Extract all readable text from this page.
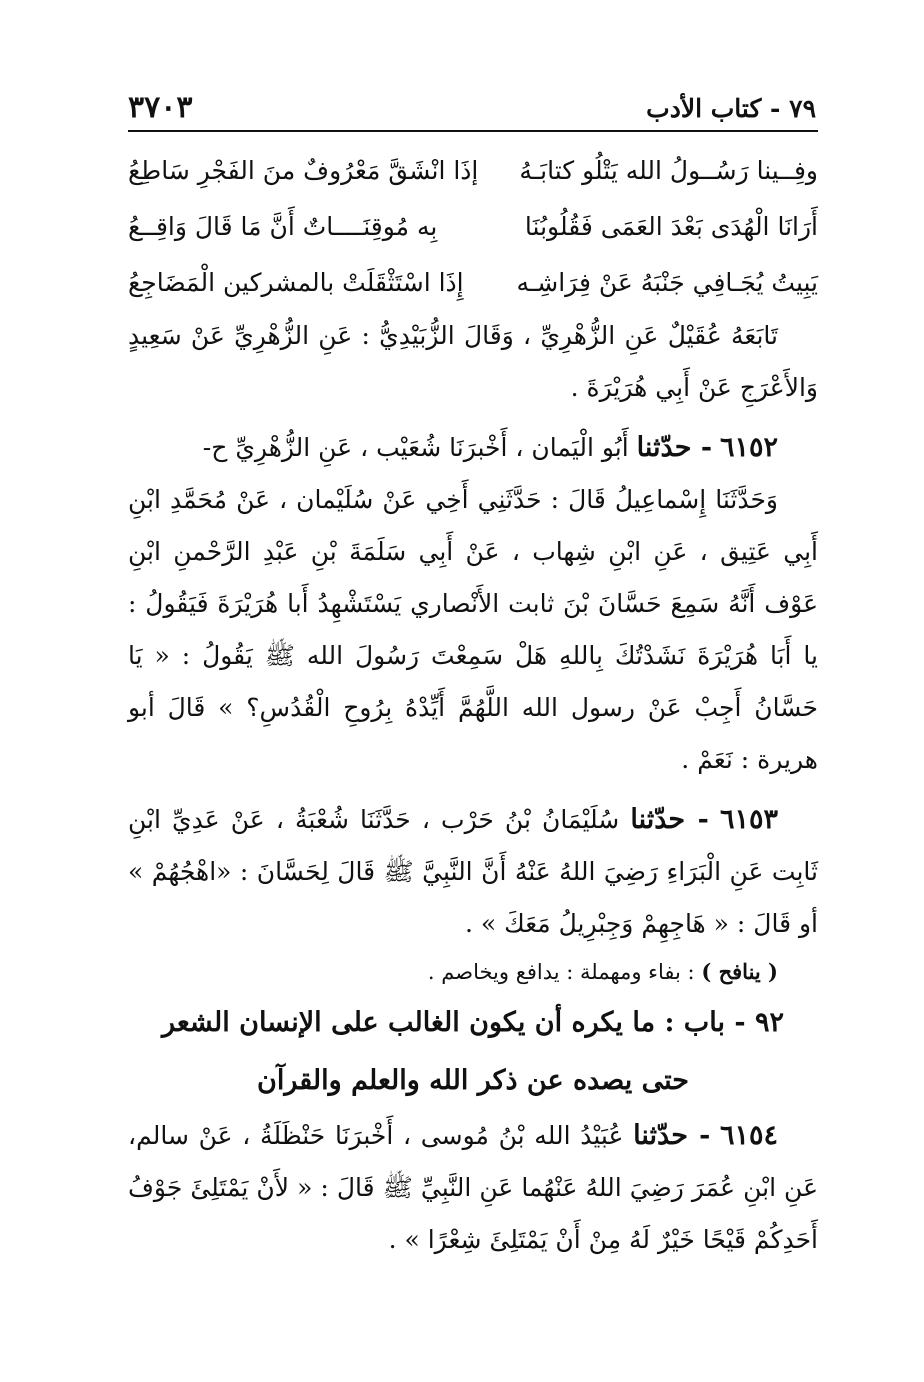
٧٩ - كتاب الأدب
٣٧٠٣
وفِــينا رَسُــولُ الله يَتْلُو كتابَـهُ
إذَا انْشَقَّ مَعْرُوفٌ منَ الفَجْرِ سَاطِعُ
أَرَانَا الْهُدَى بَعْدَ العَمَى فَقُلُوبُنَا
بِه مُوقِنَــــاتٌ أَنَّ مَا قَالَ وَاقِــعُ
يَبِيتُ يُجَـافِي جَنْبَهُ عَنْ فِرَاشِـه
إِذَا اسْتَثْقَلَتْ بالمشركين الْمَضَاجِعُ

تَابَعَهُ عُقَيْلٌ عَنِ الزُّهْرِيِّ ، وَقَالَ الزُّبَيْدِيُّ : عَنِ الزُّهْرِيِّ عَنْ سَعِيدٍ وَالأَعْرَجِ عَنْ أَبِي هُرَيْرَةَ .

٦١٥٢ - حدّثنا أَبُو الْيَمان ، أَخْبرَنَا شُعَيْب ، عَنِ الزُّهْرِيِّ ح-

وَحَدَّثَنَا إِسْماعِيلُ قَالَ : حَدَّثَنِي أَخِي عَنْ سُلَيْمان ، عَنْ مُحَمَّدِ ابْنِ أَبِي عَتِيق ، عَنِ ابْنِ شِهاب ، عَنْ أَبِي سَلَمَةَ بْنِ عَبْدِ الرَّحْمنِ ابْنِ عَوْف أَنَّهُ سَمِعَ حَسَّانَ بْنَ ثابت الأَنْصاري يَسْتَشْهِدُ أَبا هُرَيْرَةَ فَيَقُولُ : يا أَبَا هُرَيْرَةَ نَشَدْتُكَ بِاللهِ هَلْ سَمِعْتَ رَسُولَ الله ﷺ يَقُولُ : « يَا حَسَّانُ أَجِبْ عَنْ رسول الله اللَّهُمَّ أَيِّدْهُ بِرُوحِ الْقُدُسِ؟ » قَالَ أبو هريرة : نَعَمْ .

٦١٥٣ - حدّثنا سُلَيْمَانُ بْنُ حَرْب ، حَدَّثَنَا شُعْبَةُ ، عَنْ عَدِيِّ ابْنِ ثَابِت عَنِ الْبَرَاءِ رَضِيَ اللهُ عَنْهُ أَنَّ النَّبِيَّ ﷺ قَالَ لِحَسَّانَ : «اهْجُهُمْ » أو قَالَ : « هَاجِهِمْ وَجِبْرِيلُ مَعَكَ » .

( ينافح ) : بفاء ومهملة : يدافع ويخاصم .

٩٢ - باب : ما يكره أن يكون الغالب على الإنسان الشعر

حتى يصده عن ذكر الله والعلم والقرآن

٦١٥٤ - حدّثنا عُبَيْدُ الله بْنُ مُوسى ، أَخْبرَنَا حَنْظَلَةُ ، عَنْ سالم، عَنِ ابْنِ عُمَرَ رَضِيَ اللهُ عَنْهُما عَنِ النَّبِيِّ ﷺ قَالَ : « لأَنْ يَمْتَلِئَ جَوْفُ أَحَدِكُمْ قَيْحًا خَيْرٌ لَهُ مِنْ أَنْ يَمْتَلِئَ شِعْرًا » .
